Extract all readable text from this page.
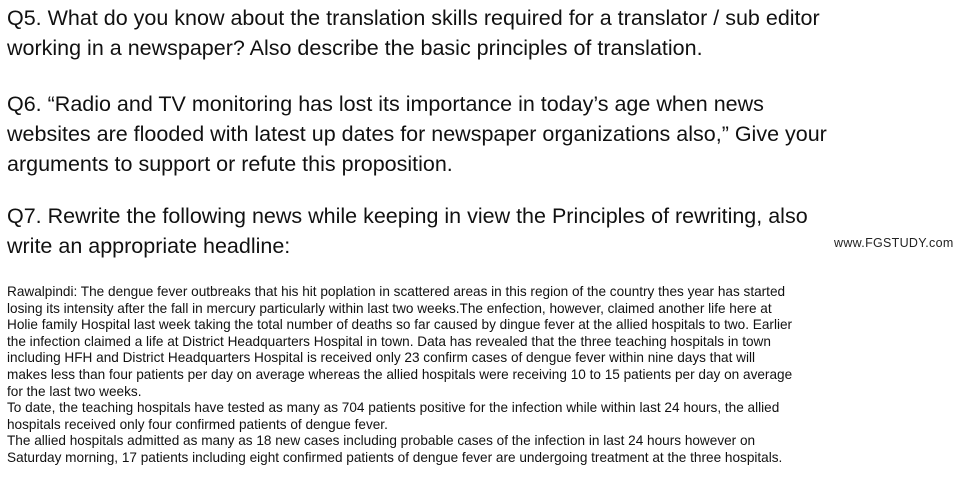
Q5. What do you know about the translation skills required for a translator / sub editor
working in a newspaper? Also describe the basic principles of translation.

Q6. “Radio and TV monitoring has lost its importance in today’s age when news
websites are flooded with latest up dates for newspaper organizations also,” Give your
arguments to support or refute this proposition.

Q7. Rewrite the following news while keeping in view the Principles of rewriting, also
write an appropriate headline:	www.FGSTUDY.com
Rawalpindi: The dengue fever outbreaks that his hit poplation in scattered areas in this region of the country thes year has started
losing its intensity after the fall in mercury particularly within last two weeks.The enfection, however, claimed another life here at
Holie family Hospital last week taking the total number of deaths so far caused by dingue fever at the allied hospitals to two. Earlier
the infection claimed a life at District Headquarters Hospital in town. Data has revealed that the three teaching hospitals in town
including HFH and District Headquarters Hospital is received only 23 confirm cases of dengue fever within nine days that will
makes less than four patients per day on average whereas the allied hospitals were receiving 10 to 15 patients per day on average
for the last two weeks.
To date, the teaching hospitals have tested as many as 704 patients positive for the infection while within last 24 hours, the allied
hospitals received only four confirmed patients of dengue fever.
The allied hospitals admitted as many as 18 new cases including probable cases of the infection in last 24 hours however on
Saturday morning, 17 patients including eight confirmed patients of dengue fever are undergoing treatment at the three hospitals.
